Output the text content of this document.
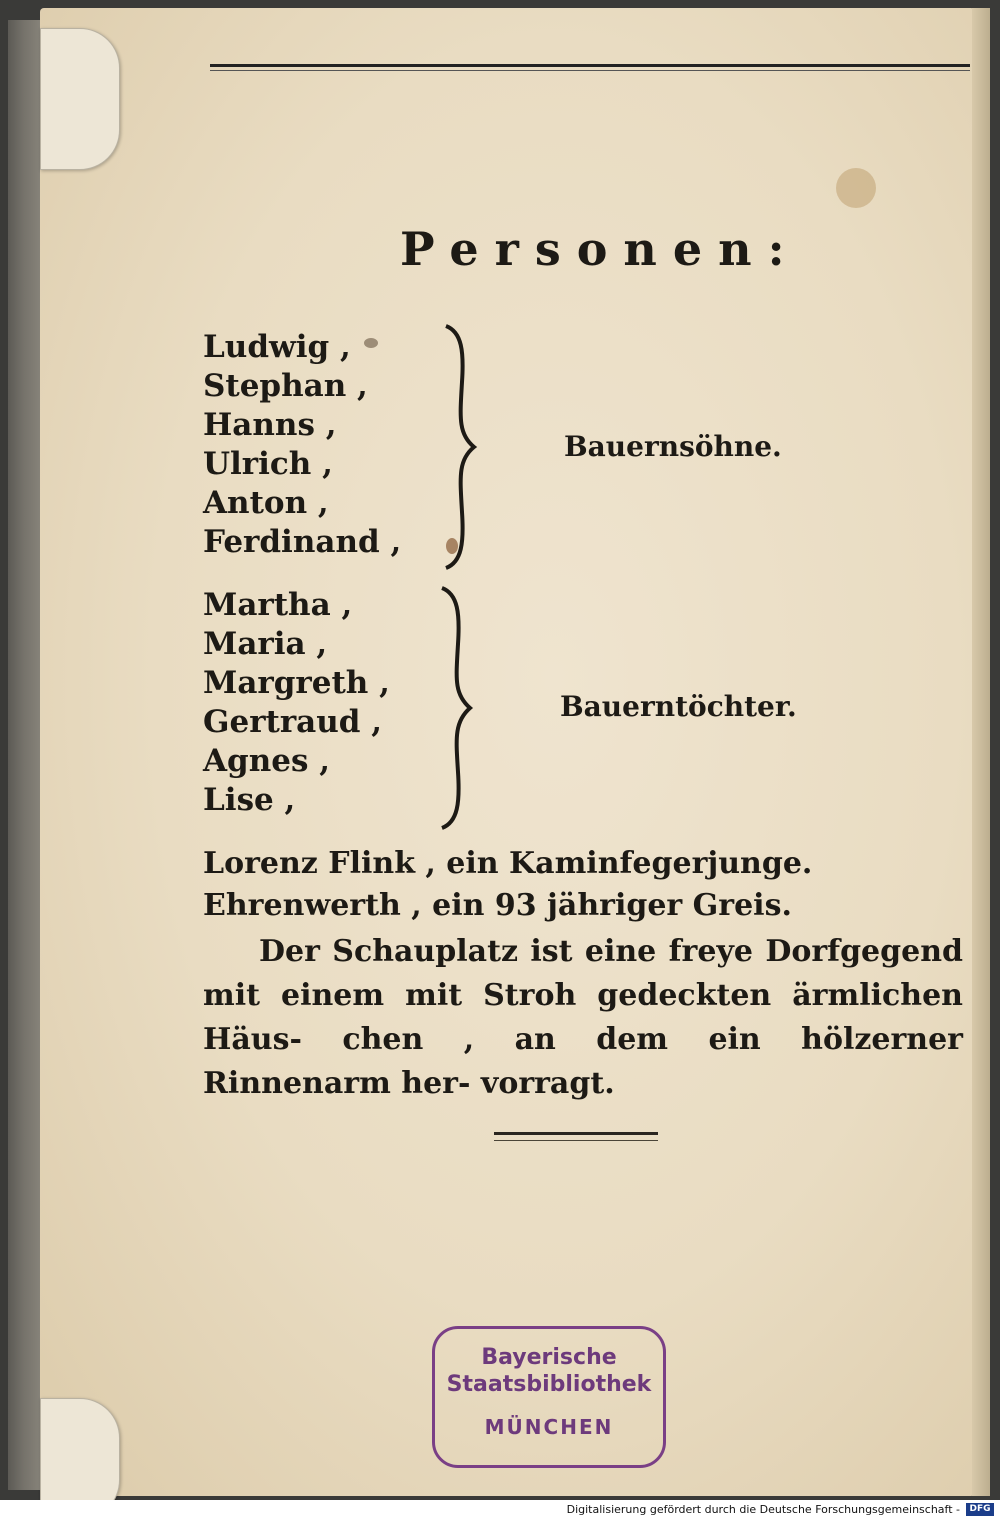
Personen:
Ludwig ,
Stephan ,
Hanns ,
Ulrich ,
Anton ,
Ferdinand ,
Bauernsöhne.
Martha ,
Maria ,
Margreth ,
Gertraud ,
Agnes ,
Lise ,
Bauerntöchter.
Lorenz Flink , ein Kaminfegerjunge.
Ehrenwerth , ein 93 jähriger Greis.
Der Schauplatz ist eine freye Dorfgegend mit einem mit Stroh gedeckten ärmlichen Häus- chen , an dem ein hölzerner Rinnenarm her- vorragt.
Bayerische
Staatsbibliothek
MÜNCHEN
Digitalisierung gefördert durch die Deutsche Forschungsgemeinschaft -	DFG
